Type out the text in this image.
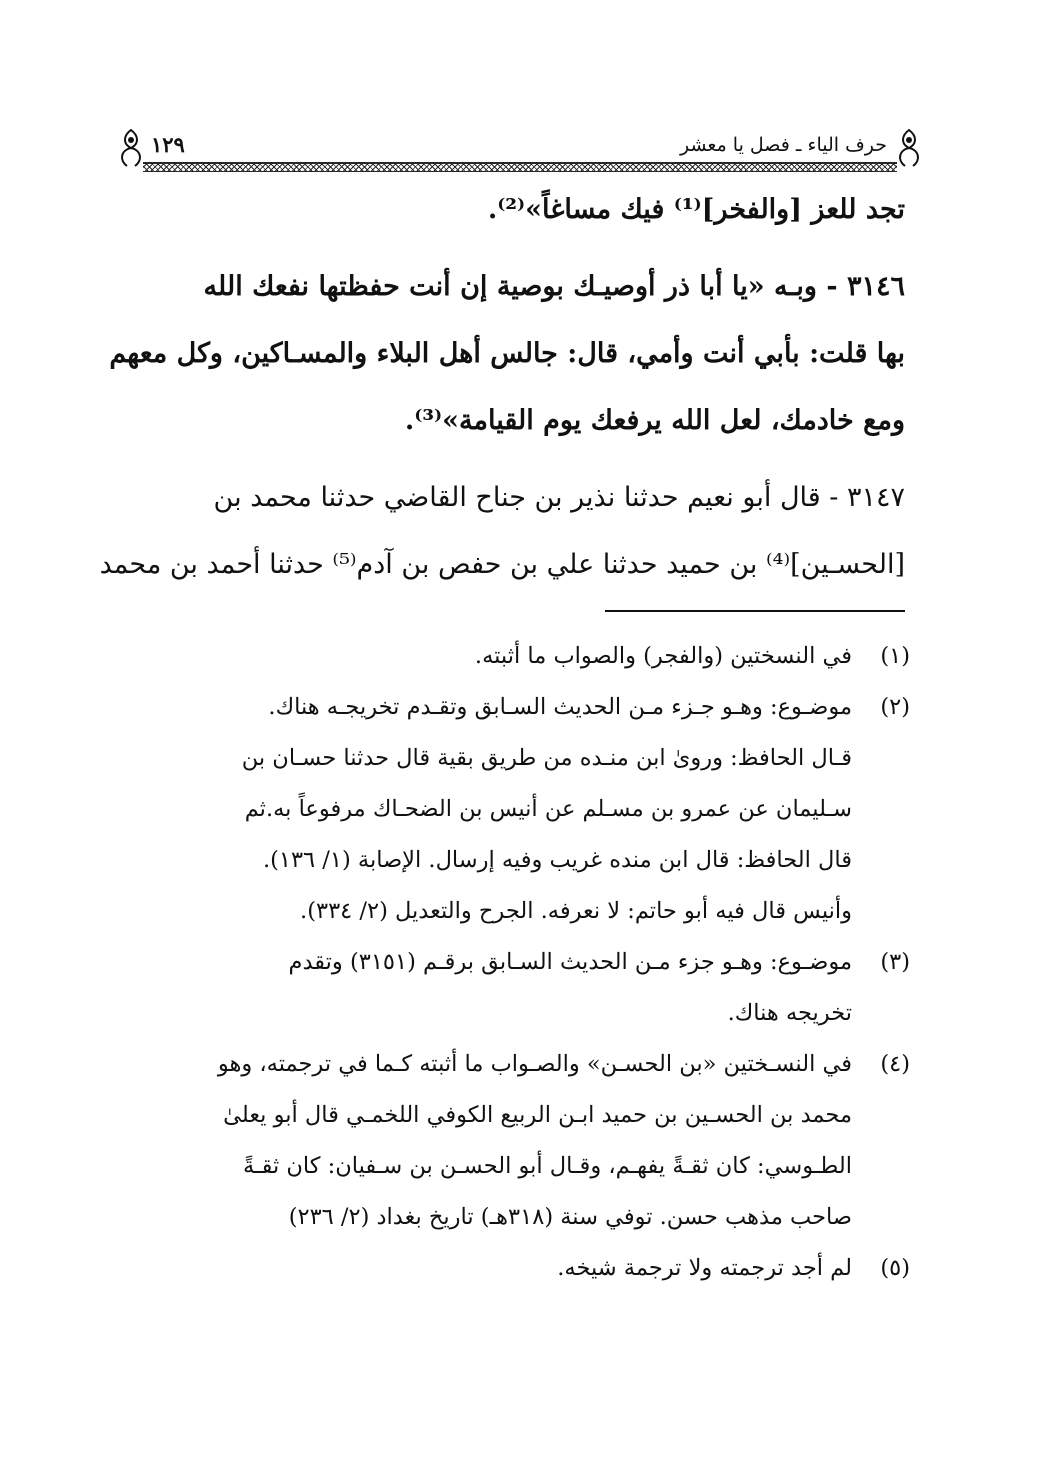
حرف الياء ـ فصل يا معشر
١٢٩
تجد للعز [والفخر]⁽¹⁾ فيك مساغاً»⁽²⁾.
٣١٤٦ - وبـه «يا أبا ذر أوصيـك بوصية إن أنت حفظتها نفعك الله
بها قلت: بأبي أنت وأمي، قال: جالس أهل البلاء والمسـاكين، وكل معهم
ومع خادمك، لعل الله يرفعك يوم القيامة»⁽³⁾.
٣١٤٧ - قال أبو نعيم حدثنا نذير بن جناح القاضي حدثنا محمد بن
[الحسـين]⁽⁴⁾ بن حميد حدثنا علي بن حفص بن آدم⁽⁵⁾ حدثنا أحمد بن محمد
(١)في النسختين (والفجر) والصواب ما أثبته.
(٢)موضـوع: وهـو جـزء مـن الحديث السـابق وتقـدم تخريجـه هناك.
قـال الحافظ: وروىٰ ابن منـده من طريق بقية قال حدثنا حسـان بن
سـليمان عن عمرو بن مسـلم عن أنيس بن الضحـاك مرفوعاً به.ثم
قال الحافظ: قال ابن منده غريب وفيه إرسال. الإصابة (١/ ١٣٦).
وأنيس قال فيه أبو حاتم: لا نعرفه. الجرح والتعديل (٢/ ٣٣٤).
(٣)موضـوع: وهـو جزء مـن الحديث السـابق برقـم (٣١٥١) وتقدم
تخريجه هناك.
(٤)في النسـختين «بن الحسـن» والصـواب ما أثبته كـما في ترجمته، وهو
محمد بن الحسـين بن حميد ابـن الربيع الكوفي اللخمـي قال أبو يعلىٰ
الطـوسي: كان ثقـةً يفهـم، وقـال أبو الحسـن بن سـفيان: كان ثقـةً
صاحب مذهب حسن. توفي سنة (٣١٨هـ) تاريخ بغداد (٢/ ٢٣٦)
(٥)لم أجد ترجمته ولا ترجمة شيخه.
